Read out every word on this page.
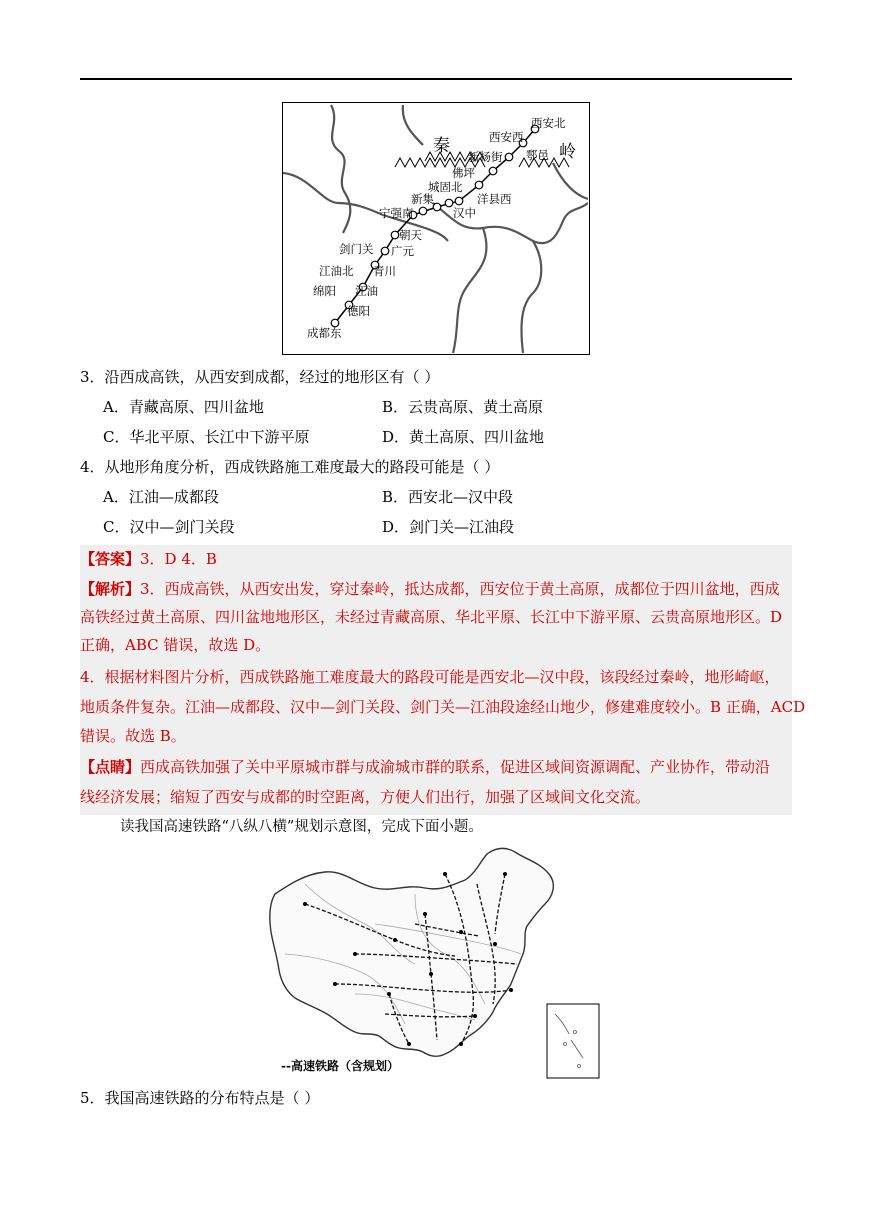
秦	岭
西安北
西安西
鄠邑
新杨街
佛坪
城固北
新集	洋县西
汉中
宁强南
朝天
剑门关 广元
江油北 青川
绵阳 江油
德阳
成都东
3．沿西成高铁，从西安到成都，经过的地形区有（ ）
A．青藏高原、四川盆地	B．云贵高原、黄土高原
C．华北平原、长江中下游平原	D．黄土高原、四川盆地
4．从地形角度分析，西成铁路施工难度最大的路段可能是（ ）
A．江油—成都段	B．西安北—汉中段
C．汉中—剑门关段	D．剑门关—江油段
【答案】3．D 4．B
【解析】3．西成高铁，从西安出发，穿过秦岭，抵达成都，西安位于黄土高原，成都位于四川盆地，西成
高铁经过黄土高原、四川盆地地形区，未经过青藏高原、华北平原、长江中下游平原、云贵高原地形区。D
正确，ABC 错误，故选 D。
4．根据材料图片分析，西成铁路施工难度最大的路段可能是西安北—汉中段，该段经过秦岭，地形崎岖，
地质条件复杂。江油—成都段、汉中—剑门关段、剑门关—江油段途经山地少，修建难度较小。B 正确，ACD
错误。故选 B。
【点睛】西成高铁加强了关中平原城市群与成渝城市群的联系，促进区域间资源调配、产业协作，带动沿
线经济发展；缩短了西安与成都的时空距离，方便人们出行，加强了区域间文化交流。
读我国高速铁路“八纵八横”规划示意图，完成下面小题。
--高速铁路（含规划）
5．我国高速铁路的分布特点是（ ）
